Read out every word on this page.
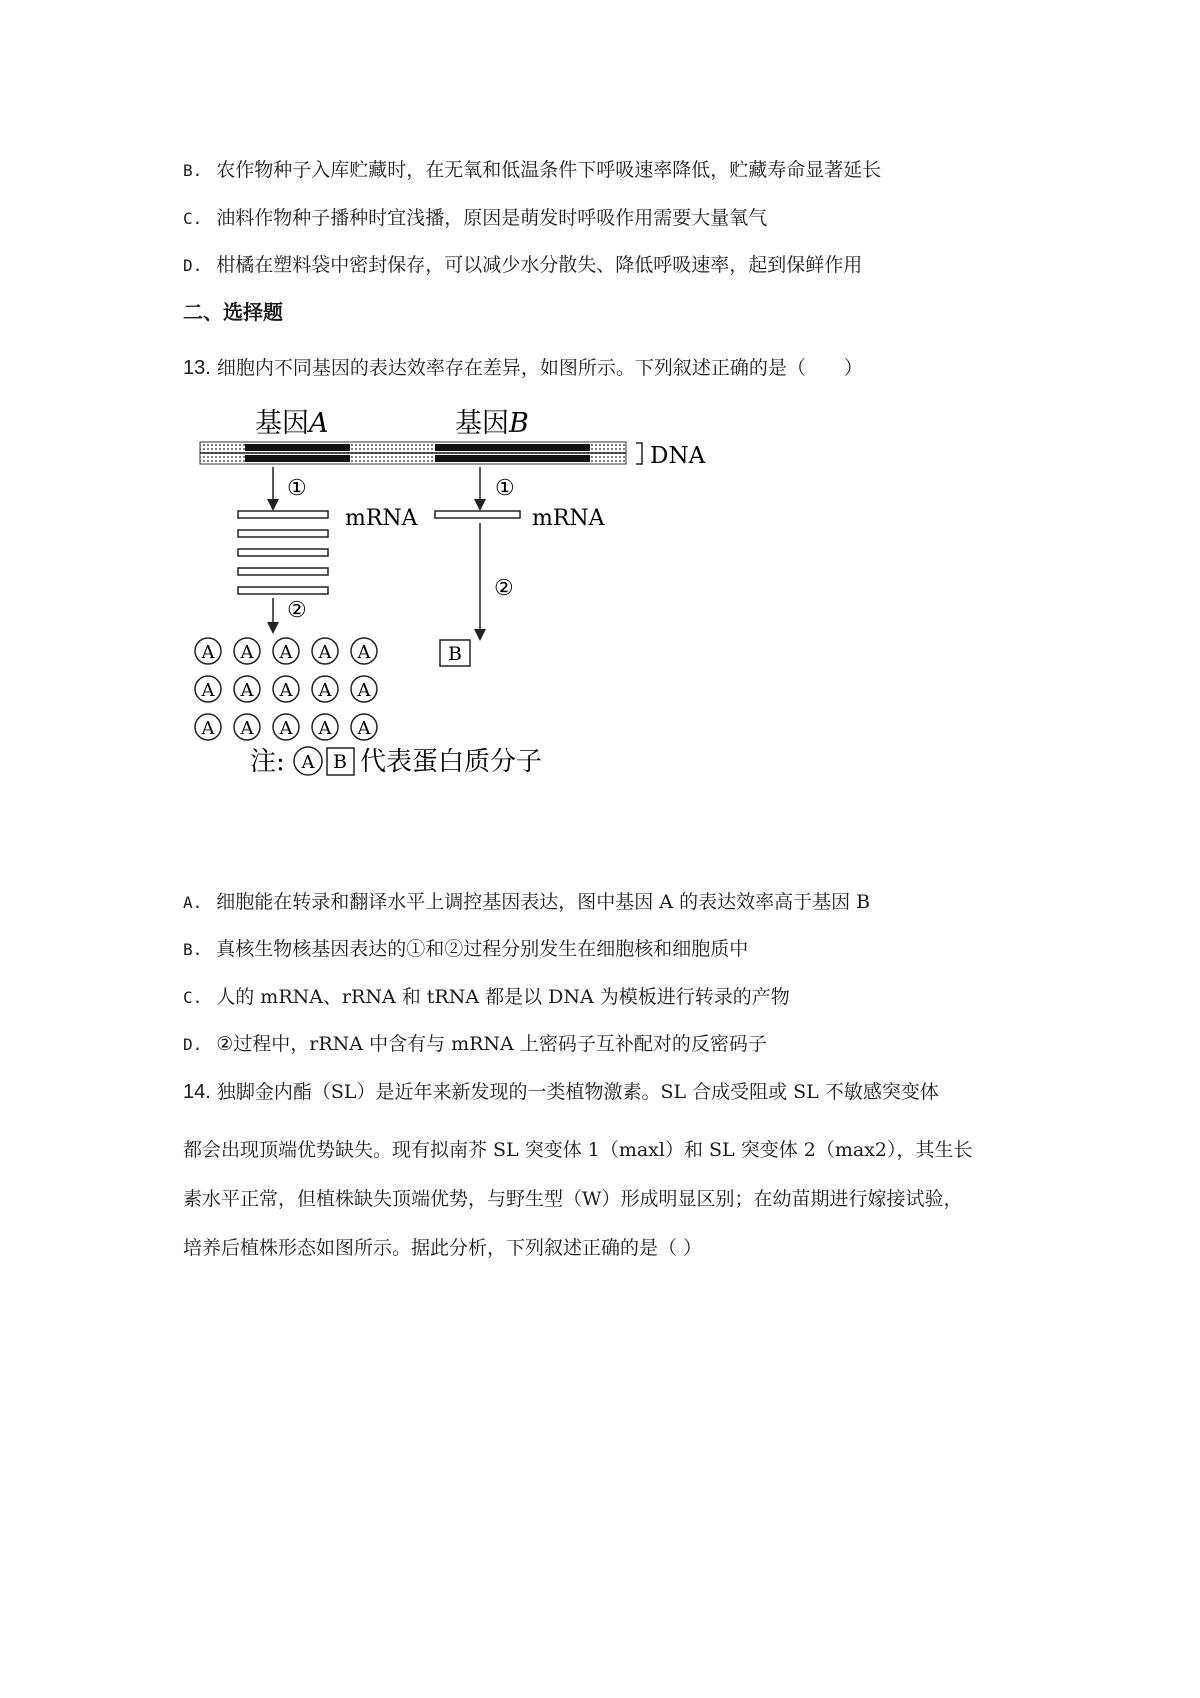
B. 农作物种子入库贮藏时，在无氧和低温条件下呼吸速率降低，贮藏寿命显著延长
C. 油料作物种子播种时宜浅播，原因是萌发时呼吸作用需要大量氧气
D. 柑橘在塑料袋中密封保存，可以减少水分散失、降低呼吸速率，起到保鲜作用
二、选择题
13. 细胞内不同基因的表达效率存在差异，如图所示。下列叙述正确的是（　　）
基因A	基因B
DNA
①	①
mRNA	mRNA
②
②
A A A A A
A A A A A
A A A A A
B
注: A B 代表蛋白质分子
A. 细胞能在转录和翻译水平上调控基因表达，图中基因 A 的表达效率高于基因 B
B. 真核生物核基因表达的①和②过程分别发生在细胞核和细胞质中
C. 人的 mRNA、rRNA 和 tRNA 都是以 DNA 为模板进行转录的产物
D. ②过程中，rRNA 中含有与 mRNA 上密码子互补配对的反密码子
14. 独脚金内酯（SL）是近年来新发现的一类植物激素。SL 合成受阻或 SL 不敏感突变体
都会出现顶端优势缺失。现有拟南芥 SL 突变体 1（maxl）和 SL 突变体 2（max2），其生长
素水平正常，但植株缺失顶端优势，与野生型（W）形成明显区别；在幼苗期进行嫁接试验，
培养后植株形态如图所示。据此分析，下列叙述正确的是（ ）
